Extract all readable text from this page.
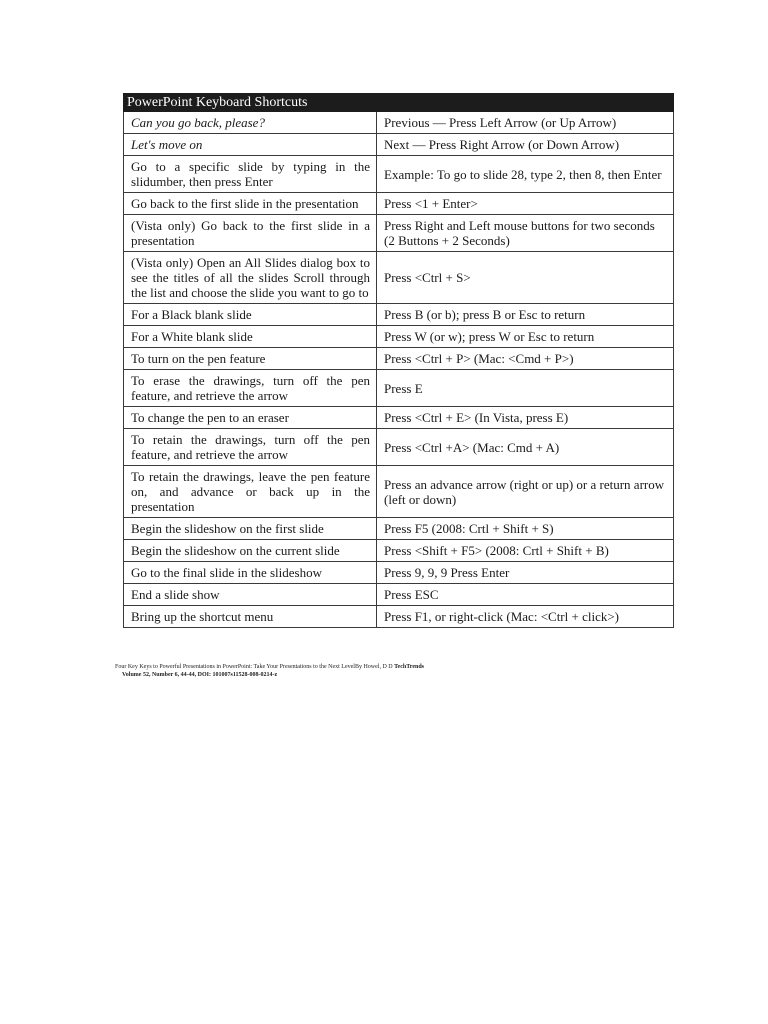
PowerPoint Keyboard Shortcuts	
Can you go back, please?	Previous — Press Left Arrow (or Up Arrow)
Let's move on	Next — Press Right Arrow (or Down Arrow)
Go to a specific slide by typing in the slidumber, then press Enter	Example: To go to slide 28, type 2, then 8, then Enter
Go back to the first slide in the presentation	Press <1 + Enter>
(Vista only) Go back to the first slide in a presentation	Press Right and Left mouse buttons for two seconds (2 Buttons + 2 Seconds)
(Vista only) Open an All Slides dialog box to see the titles of all the slides Scroll through the list and choose the slide you want to go to	Press <Ctrl + S>
For a Black blank slide	Press B (or b); press B or Esc to return
For a White blank slide	Press W (or w); press W or Esc to return
To turn on the pen feature	Press <Ctrl + P> (Mac: <Cmd + P>)
To erase the drawings, turn off the pen feature, and retrieve the arrow	Press E
To change the pen to an eraser	Press <Ctrl + E> (In Vista, press E)
To retain the drawings, turn off the pen feature, and retrieve the arrow	Press <Ctrl +A> (Mac: Cmd + A)
To retain the drawings, leave the pen feature on, and advance or back up in the presentation	Press an advance arrow (right or up) or a return arrow (left or down)
Begin the slideshow on the first slide	Press F5 (2008: Crtl + Shift + S)
Begin the slideshow on the current slide	Press <Shift + F5> (2008: Crtl + Shift + B)
Go to the final slide in the slideshow	Press 9, 9, 9 Press Enter
End a slide show	Press ESC
Bring up the shortcut menu	Press F1, or right-click (Mac: <Ctrl + click>)
Four Key Keys to Powerful Presentations in PowerPoint: Take Your Presentations to the Next LevelBy Howel, D D TechTrends
Volume 52, Number 6, 44-44, DOI: 101007s11528-008-0214-z
